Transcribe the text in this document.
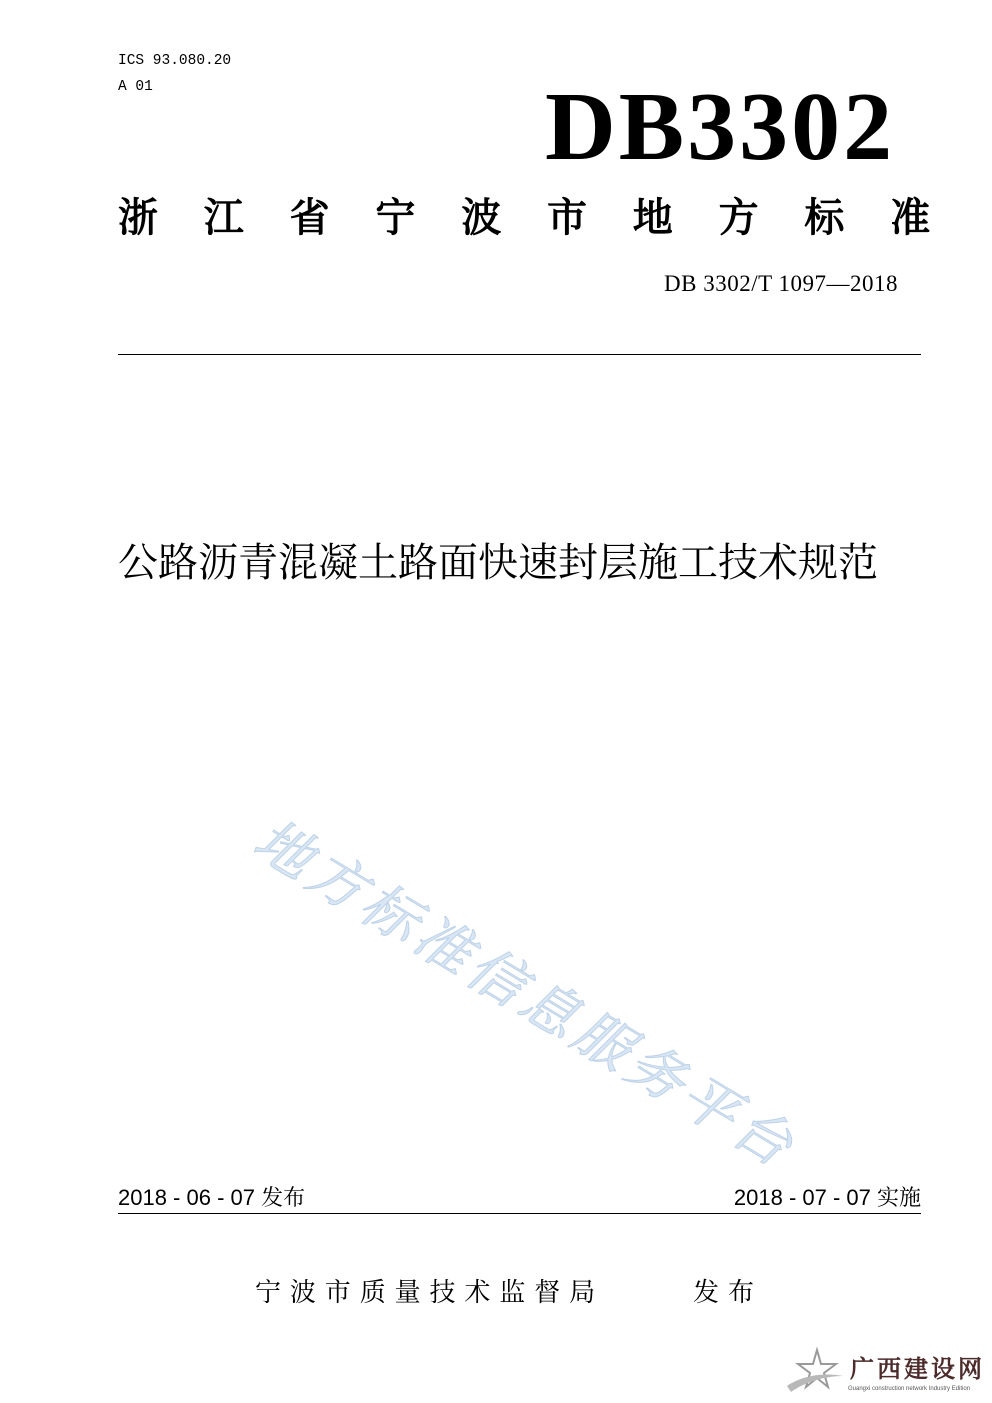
ICS 93.080.20
A 01	DB3302
浙江省宁波市地方标准
DB 3302/T 1097—2018
公路沥青混凝土路面快速封层施工技术规范
地方标准信息服务平台
2018 - 06 - 07 发布	2018 - 07 - 07 实施
宁波市质量技术监督局	发布
广西建设网
Guangxi construction network Industry Edition
